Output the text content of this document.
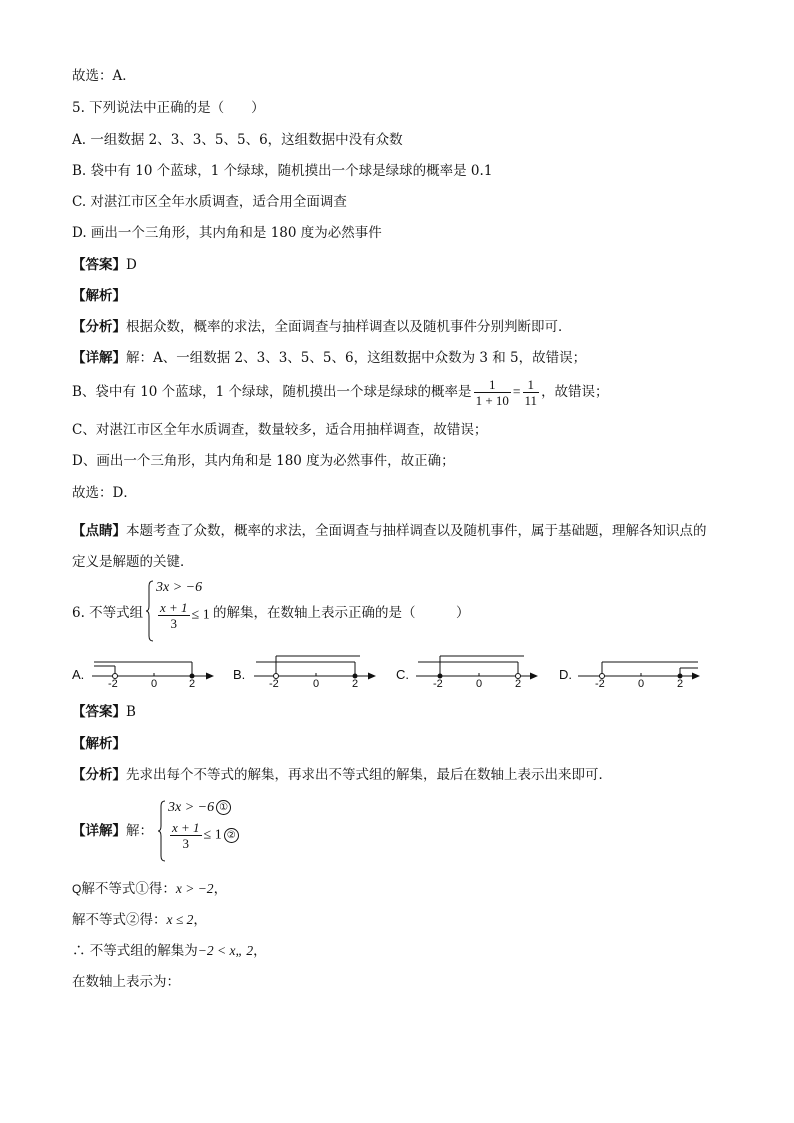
故选：A．
5. 下列说法中正确的是（　　）
A. 一组数据 2、3、3、5、5、6，这组数据中没有众数
B. 袋中有 10 个蓝球，1 个绿球，随机摸出一个球是绿球的概率是 0.1
C. 对湛江市区全年水质调查，适合用全面调查
D. 画出一个三角形，其内角和是 180 度为必然事件
【答案】D
【解析】
【分析】根据众数，概率的求法，全面调查与抽样调查以及随机事件分别判断即可．
【详解】解：A、一组数据 2、3、3、5、5、6，这组数据中众数为 3 和 5，故错误；
B、袋中有 10 个蓝球，1 个绿球，随机摸出一个球是绿球的概率是 $\frac{1}{1 + 10} = \frac{1}{11}$ ，故错误；
C、对湛江市区全年水质调查，数量较多，适合用抽样调查，故错误；
D、画出一个三角形，其内角和是 180 度为必然事件，故正确；
故选：D．
【点睛】本题考查了众数，概率的求法，全面调查与抽样调查以及随机事件，属于基础题，理解各知识点的定义是解题的关键．
6. 不等式组
3x > −6
$\frac{x + 1}{3} \le 1$ 的解集，在数轴上表示正确的是（　　　）
A.
-2	0	2
B.
-2	0	2
C.
-2	0	2
D.
-2	0	2
【答案】B
【解析】
【分析】先求出每个不等式的解集，再求出不等式组的解集，最后在数轴上表示出来即可．
【详解】解：
3x > −6 ①
$\frac{x + 1}{3} \le 1$ ②
Q解不等式①得：x > −2，
解不等式②得：x ≤ 2，
∴ 不等式组的解集为−2 < x„ 2，
在数轴上表示为：
